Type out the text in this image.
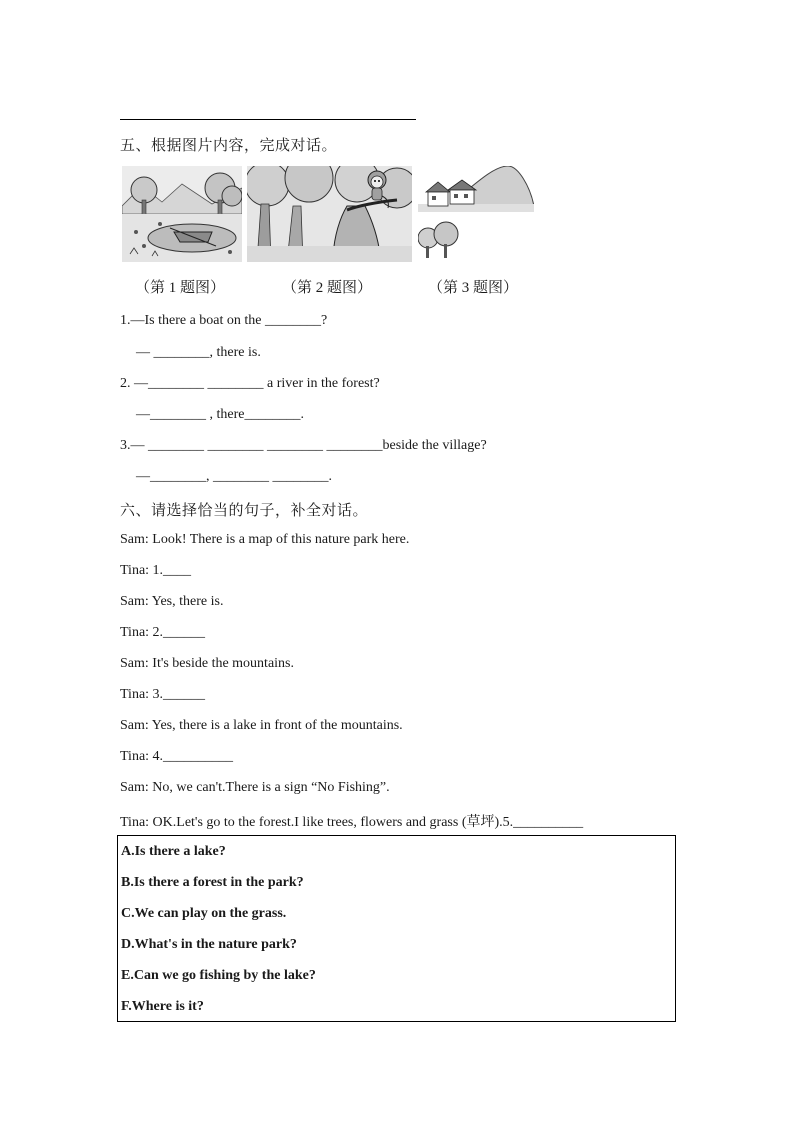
五、根据图片内容，完成对话。
（第 1 题图）	（第 2 题图）	（第 3 题图）
1.—Is there a boat on the ________?
— ________, there is.
2. —________ ________ a river in the forest?
—________ , there________.
3.— ________ ________ ________ ________beside the village?
—________, ________ ________.
六、请选择恰当的句子，补全对话。
Sam: Look! There is a map of this nature park here.
Tina: 1.____
Sam: Yes, there is.
Tina: 2.______
Sam: It's beside the mountains.
Tina: 3.______
Sam: Yes, there is a lake in front of the mountains.
Tina: 4.__________
Sam: No, we can't.There is a sign “No Fishing”.
Tina: OK.Let's go to the forest.I like trees, flowers and grass (草坪).5.__________
A.Is there a lake?
B.Is there a forest in the park?
C.We can play on the grass.
D.What's in the nature park?
E.Can we go fishing by the lake?
F.Where is it?
